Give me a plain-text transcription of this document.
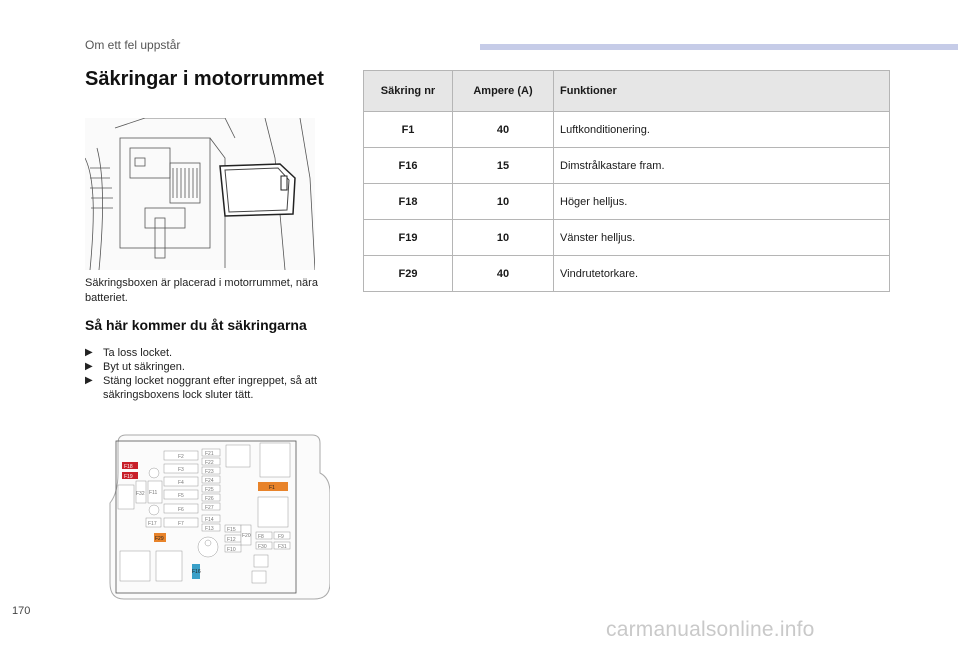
Om ett fel uppstår
Säkringar i motorrummet
Säkringsboxen är placerad i motorrummet, nära batteriet.
Så här kommer du åt säkringarna
▶ Ta loss locket.
▶ Byt ut säkringen.
▶ Stäng locket noggrant efter ingreppet, så att säkringsboxens lock sluter tätt.
F2
F3
F4
F5
F6
F7
F17
F21
F22
F23
F24
F25
F26
F27
F14
F13	F15
F12
F10
F20
F32 F11
F18
F19
F29
F1
F16
F8	F9
F30 F31
Säkring nr	Ampere (A)	Funktioner
F1	40	Luftkonditionering.
F16	15	Dimstrålkastare fram.
F18	10	Höger helljus.
F19	10	Vänster helljus.
F29	40	Vindrutetorkare.
170
carmanualsonline.info
